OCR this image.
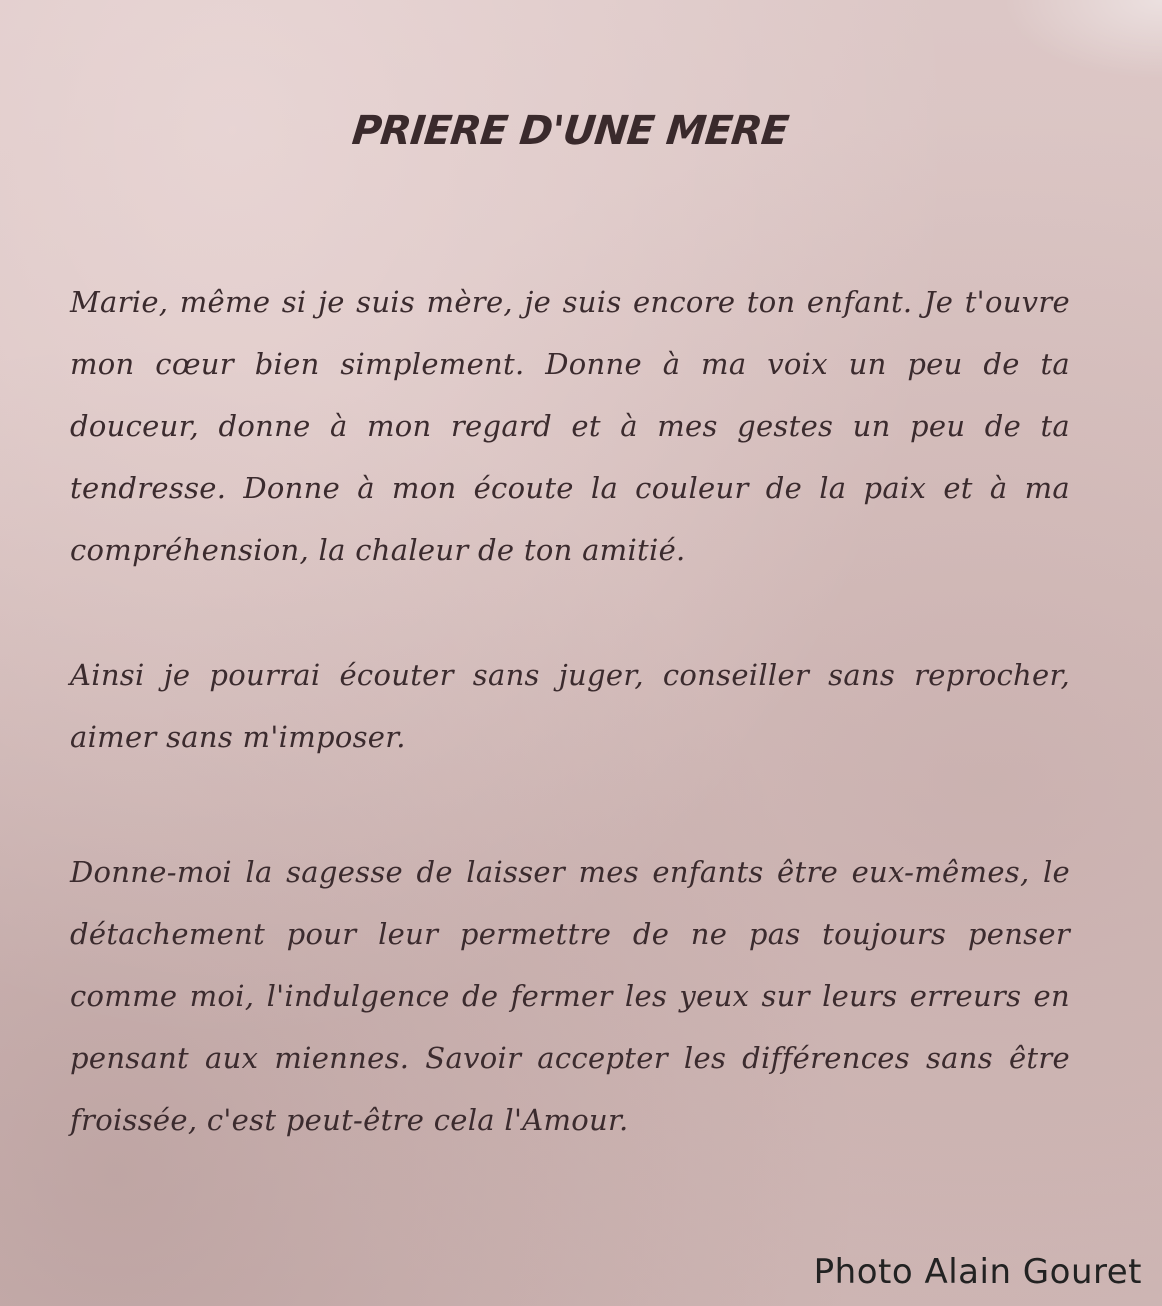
PRIERE D'UNE MERE

Marie, même si je suis mère, je suis encore ton enfant. Je t'ouvre mon cœur bien simplement. Donne à ma voix un peu de ta douceur, donne à mon regard et à mes gestes un peu de ta tendresse. Donne à mon écoute la couleur de la paix et à ma compréhension, la chaleur de ton amitié.

Ainsi je pourrai écouter sans juger, conseiller sans reprocher, aimer sans m'imposer.

Donne-moi la sagesse de laisser mes enfants être eux-mêmes, le détachement pour leur permettre de ne pas toujours penser comme moi, l'indulgence de fermer les yeux sur leurs erreurs en pensant aux miennes. Savoir accepter les différences sans être froissée, c'est peut-être cela l'Amour.

Photo Alain Gouret
